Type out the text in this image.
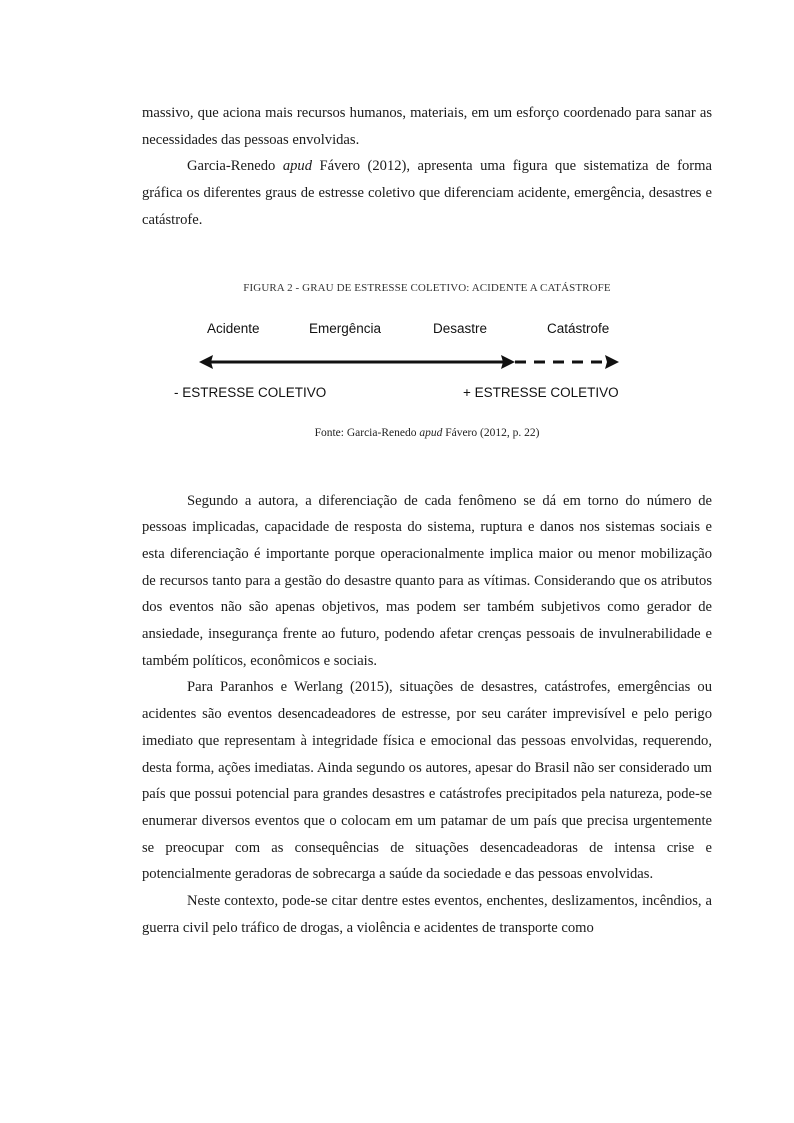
massivo, que aciona mais recursos humanos, materiais, em um esforço coordenado para sanar as necessidades das pessoas envolvidas.

Garcia-Renedo apud Fávero (2012), apresenta uma figura que sistematiza de forma gráfica os diferentes graus de estresse coletivo que diferenciam acidente, emergência, desastres e catástrofe.

FIGURA 2 - GRAU DE ESTRESSE COLETIVO: ACIDENTE A CATÁSTROFE
Acidente	Emergência	Desastre	Catástrofe
- ESTRESSE COLETIVO	+ ESTRESSE COLETIVO
Fonte: Garcia-Renedo apud Fávero (2012, p. 22)

Segundo a autora, a diferenciação de cada fenômeno se dá em torno do número de pessoas implicadas, capacidade de resposta do sistema, ruptura e danos nos sistemas sociais e esta diferenciação é importante porque operacionalmente implica maior ou menor mobilização de recursos tanto para a gestão do desastre quanto para as vítimas. Considerando que os atributos dos eventos não são apenas objetivos, mas podem ser também subjetivos como gerador de ansiedade, insegurança frente ao futuro, podendo afetar crenças pessoais de invulnerabilidade e também políticos, econômicos e sociais.

Para Paranhos e Werlang (2015), situações de desastres, catástrofes, emergências ou acidentes são eventos desencadeadores de estresse, por seu caráter imprevisível e pelo perigo imediato que representam à integridade física e emocional das pessoas envolvidas, requerendo, desta forma, ações imediatas. Ainda segundo os autores, apesar do Brasil não ser considerado um país que possui potencial para grandes desastres e catástrofes precipitados pela natureza, pode-se enumerar diversos eventos que o colocam em um patamar de um país que precisa urgentemente se preocupar com as consequências de situações desencadeadoras de intensa crise e potencialmente geradoras de sobrecarga a saúde da sociedade e das pessoas envolvidas.

Neste contexto, pode-se citar dentre estes eventos, enchentes, deslizamentos, incêndios, a guerra civil pelo tráfico de drogas, a violência e acidentes de transporte como
